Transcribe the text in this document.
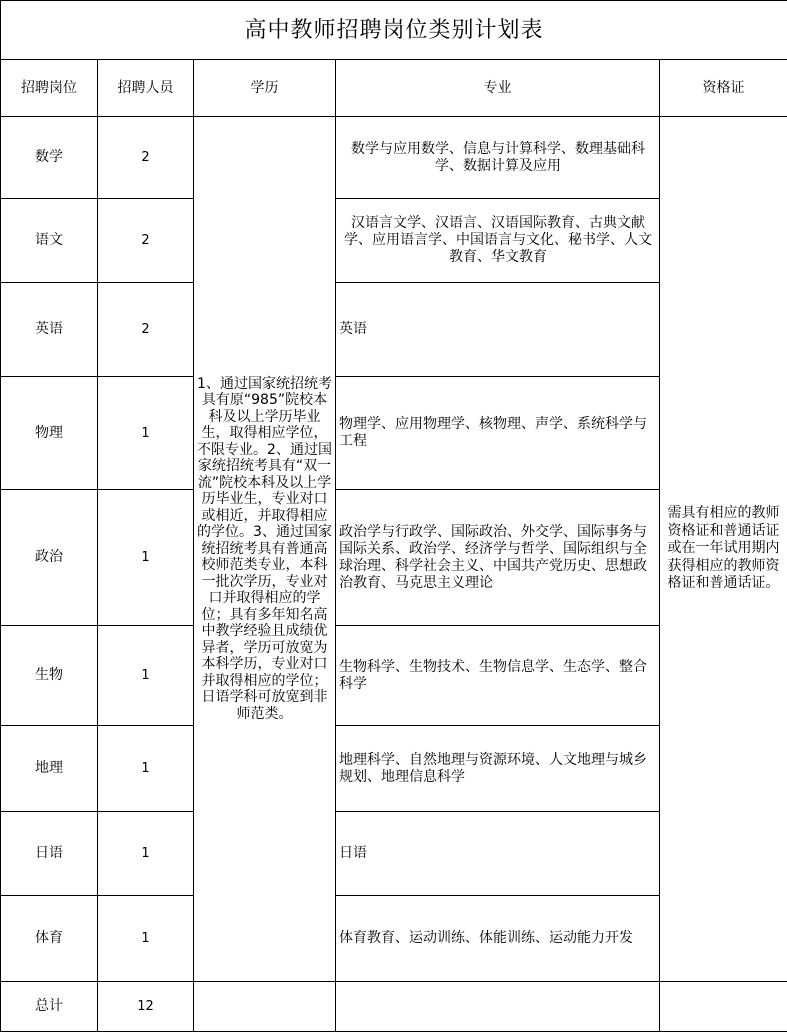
高中教师招聘岗位类别计划表				
招聘岗位	招聘人员	学历	专业	资格证
数学	2	1、通过国家统招统考具有原“985”院校本科及以上学历毕业生，取得相应学位，不限专业。2、通过国家统招统考具有“双一流”院校本科及以上学历毕业生，专业对口或相近，并取得相应的学位。3、通过国家统招统考具有普通高校师范类专业，本科一批次学历，专业对口并取得相应的学位；具有多年知名高中教学经验且成绩优异者，学历可放宽为本科学历，专业对口并取得相应的学位；日语学科可放宽到非师范类。	数学与应用数学、信息与计算科学、数理基础科学、数据计算及应用	需具有相应的教师资格证和普通话证或在一年试用期内获得相应的教师资格证和普通话证。
语文	2		汉语言文学、汉语言、汉语国际教育、古典文献学、应用语言学、中国语言与文化、秘书学、人文教育、华文教育	
英语	2		英语	
物理	1		物理学、应用物理学、核物理、声学、系统科学与工程	
政治	1		政治学与行政学、国际政治、外交学、国际事务与国际关系、政治学、经济学与哲学、国际组织与全球治理、科学社会主义、中国共产党历史、思想政治教育、马克思主义理论	
生物	1		生物科学、生物技术、生物信息学、生态学、整合科学	
地理	1		地理科学、自然地理与资源环境、人文地理与城乡规划、地理信息科学	
日语	1		日语	
体育	1		体育教育、运动训练、体能训练、运动能力开发	
总计	12			
